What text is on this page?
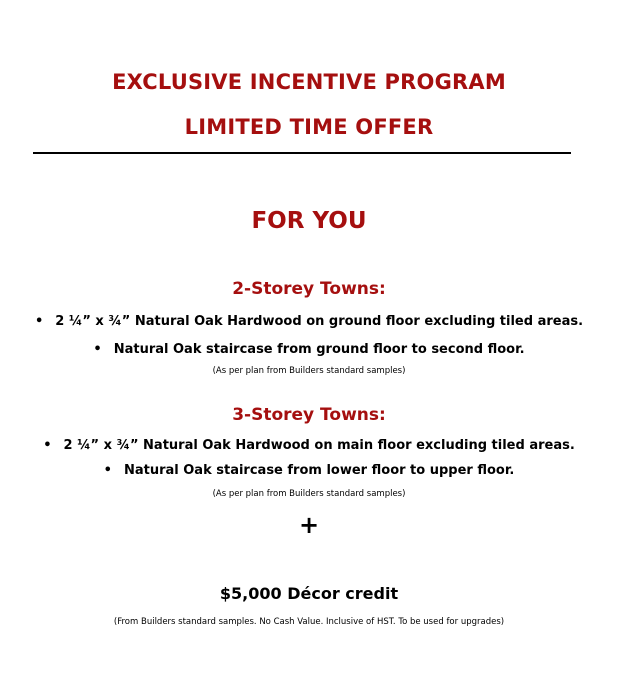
EXCLUSIVE INCENTIVE PROGRAM
LIMITED TIME OFFER
FOR YOU
2-Storey Towns:
• 2 ¼” x ¾” Natural Oak Hardwood on ground floor excluding tiled areas.
• Natural Oak staircase from ground floor to second floor.
(As per plan from Builders standard samples)
3-Storey Towns:
• 2 ¼” x ¾” Natural Oak Hardwood on main floor excluding tiled areas.
• Natural Oak staircase from lower floor to upper floor.
(As per plan from Builders standard samples)
+
$5,000 Décor credit
(From Builders standard samples. No Cash Value. Inclusive of HST. To be used for upgrades)
